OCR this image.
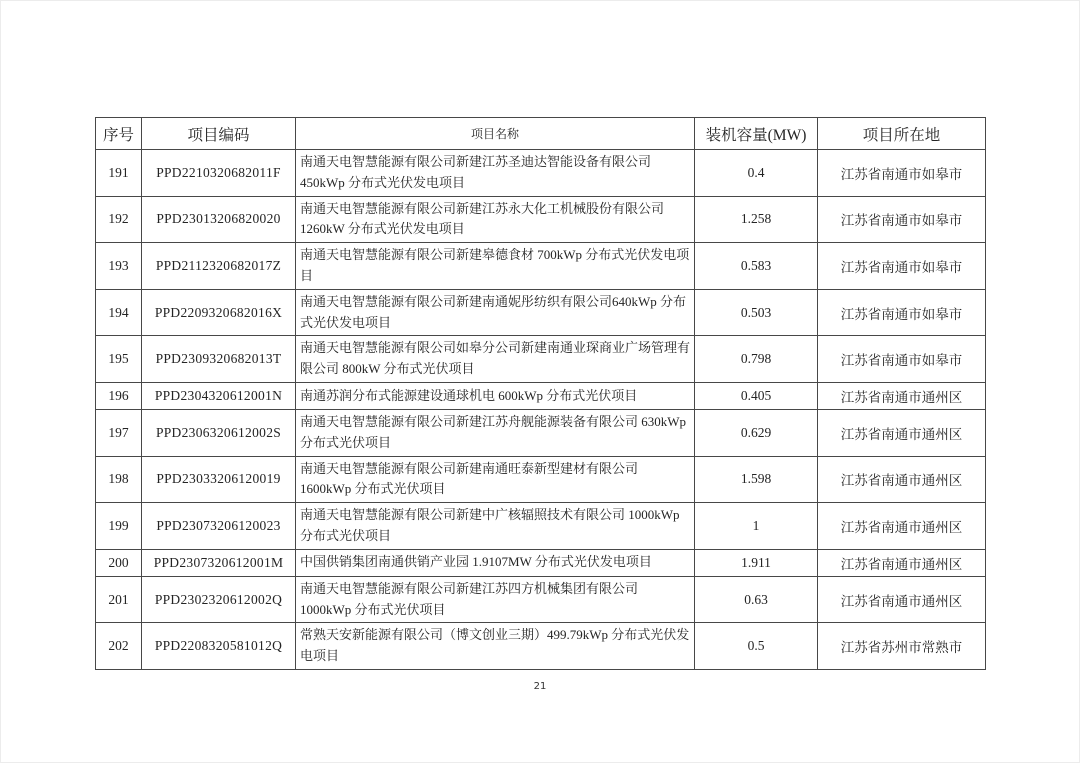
序号	项目编码	项目名称	装机容量(MW)	项目所在地
191	PPD2210320682011F	南通天电智慧能源有限公司新建江苏圣迪达智能设备有限公司 450kWp 分布式光伏发电项目	0.4	江苏省南通市如皋市
192	PPD23013206820020	南通天电智慧能源有限公司新建江苏永大化工机械股份有限公司 1260kW 分布式光伏发电项目	1.258	江苏省南通市如皋市
193	PPD2112320682017Z	南通天电智慧能源有限公司新建皋德食材 700kWp 分布式光伏发电项目	0.583	江苏省南通市如皋市
194	PPD2209320682016X	南通天电智慧能源有限公司新建南通妮彤纺织有限公司640kWp 分布式光伏发电项目	0.503	江苏省南通市如皋市
195	PPD2309320682013T	南通天电智慧能源有限公司如皋分公司新建南通业琛商业广场管理有限公司 800kW 分布式光伏项目	0.798	江苏省南通市如皋市
196	PPD2304320612001N	南通苏润分布式能源建设通球机电 600kWp 分布式光伏项目	0.405	江苏省南通市通州区
197	PPD2306320612002S	南通天电智慧能源有限公司新建江苏舟舰能源装备有限公司 630kWp 分布式光伏项目	0.629	江苏省南通市通州区
198	PPD23033206120019	南通天电智慧能源有限公司新建南通旺泰新型建材有限公司 1600kWp 分布式光伏项目	1.598	江苏省南通市通州区
199	PPD23073206120023	南通天电智慧能源有限公司新建中广核辐照技术有限公司 1000kWp 分布式光伏项目	1	江苏省南通市通州区
200	PPD2307320612001M	中国供销集团南通供销产业园 1.9107MW 分布式光伏发电项目	1.911	江苏省南通市通州区
201	PPD2302320612002Q	南通天电智慧能源有限公司新建江苏四方机械集团有限公司 1000kWp 分布式光伏项目	0.63	江苏省南通市通州区
202	PPD2208320581012Q	常熟天安新能源有限公司（博文创业三期）499.79kWp 分布式光伏发电项目	0.5	江苏省苏州市常熟市
21
